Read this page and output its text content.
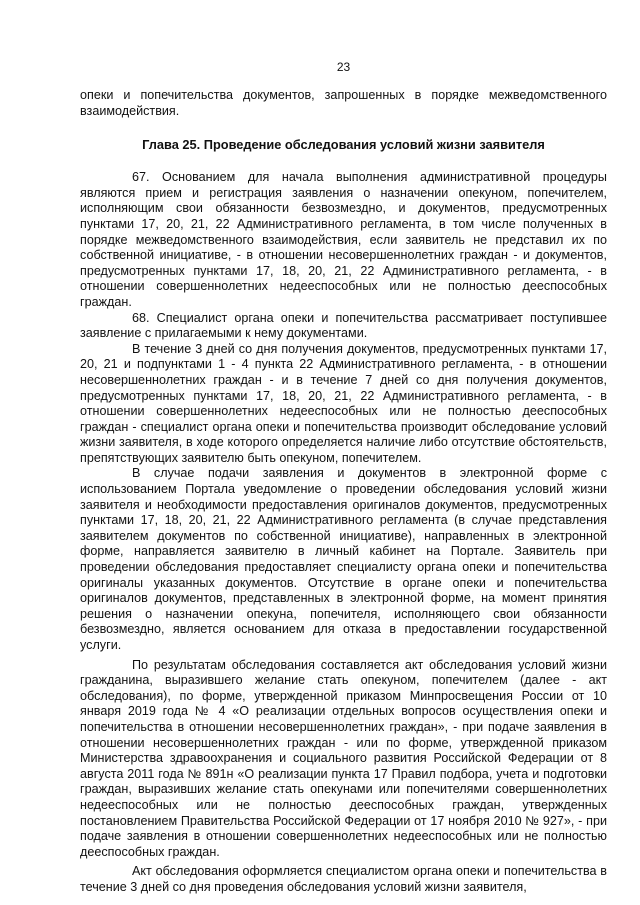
23

опеки и попечительства документов, запрошенных в порядке межведомственного взаимодействия.

Глава 25. Проведение обследования условий жизни заявителя

67. Основанием для начала выполнения административной процедуры являются прием и регистрация заявления о назначении опекуном, попечителем, исполняющим свои обязанности безвозмездно, и документов, предусмотренных пунктами 17, 20, 21, 22 Административного регламента, в том числе полученных в порядке межведомственного взаимодействия, если заявитель не представил их по собственной инициативе, - в отношении несовершеннолетних граждан - и документов, предусмотренных пунктами 17, 18, 20, 21, 22 Административного регламента, - в отношении совершеннолетних недееспособных или не полностью дееспособных граждан.

68. Специалист органа опеки и попечительства рассматривает поступившее заявление с прилагаемыми к нему документами.

В течение 3 дней со дня получения документов, предусмотренных пунктами 17, 20, 21 и подпунктами 1 - 4 пункта 22 Административного регламента, - в отношении несовершеннолетних граждан - и в течение 7 дней со дня получения документов, предусмотренных пунктами 17, 18, 20, 21, 22 Административного регламента, - в отношении совершеннолетних недееспособных или не полностью дееспособных граждан - специалист органа опеки и попечительства производит обследование условий жизни заявителя, в ходе которого определяется наличие либо отсутствие обстоятельств, препятствующих заявителю быть опекуном, попечителем.

В случае подачи заявления и документов в электронной форме с использованием Портала уведомление о проведении обследования условий жизни заявителя и необходимости предоставления оригиналов документов, предусмотренных пунктами 17, 18, 20, 21, 22 Административного регламента (в случае представления заявителем документов по собственной инициативе), направленных в электронной форме, направляется заявителю в личный кабинет на Портале. Заявитель при проведении обследования предоставляет специалисту органа опеки и попечительства оригиналы указанных документов. Отсутствие в органе опеки и попечительства оригиналов документов, представленных в электронной форме, на момент принятия решения о назначении опекуна, попечителя, исполняющего свои обязанности безвозмездно, является основанием для отказа в предоставлении государственной услуги.

По результатам обследования составляется акт обследования условий жизни гражданина, выразившего желание стать опекуном, попечителем (далее - акт обследования), по форме, утвержденной приказом Минпросвещения России от 10 января 2019 года № 4 «О реализации отдельных вопросов осуществления опеки и попечительства в отношении несовершеннолетних граждан», - при подаче заявления в отношении несовершеннолетних граждан - или по форме, утвержденной приказом Министерства здравоохранения и социального развития Российской Федерации от 8 августа 2011 года № 891н «О реализации пункта 17 Правил подбора, учета и подготовки граждан, выразивших желание стать опекунами или попечителями совершеннолетних недееспособных или не полностью дееспособных граждан, утвержденных постановлением Правительства Российской Федерации от 17 ноября 2010 № 927», - при подаче заявления в отношении совершеннолетних недееспособных или не полностью дееспособных граждан.

Акт обследования оформляется специалистом органа опеки и попечительства в течение 3 дней со дня проведения обследования условий жизни заявителя,
